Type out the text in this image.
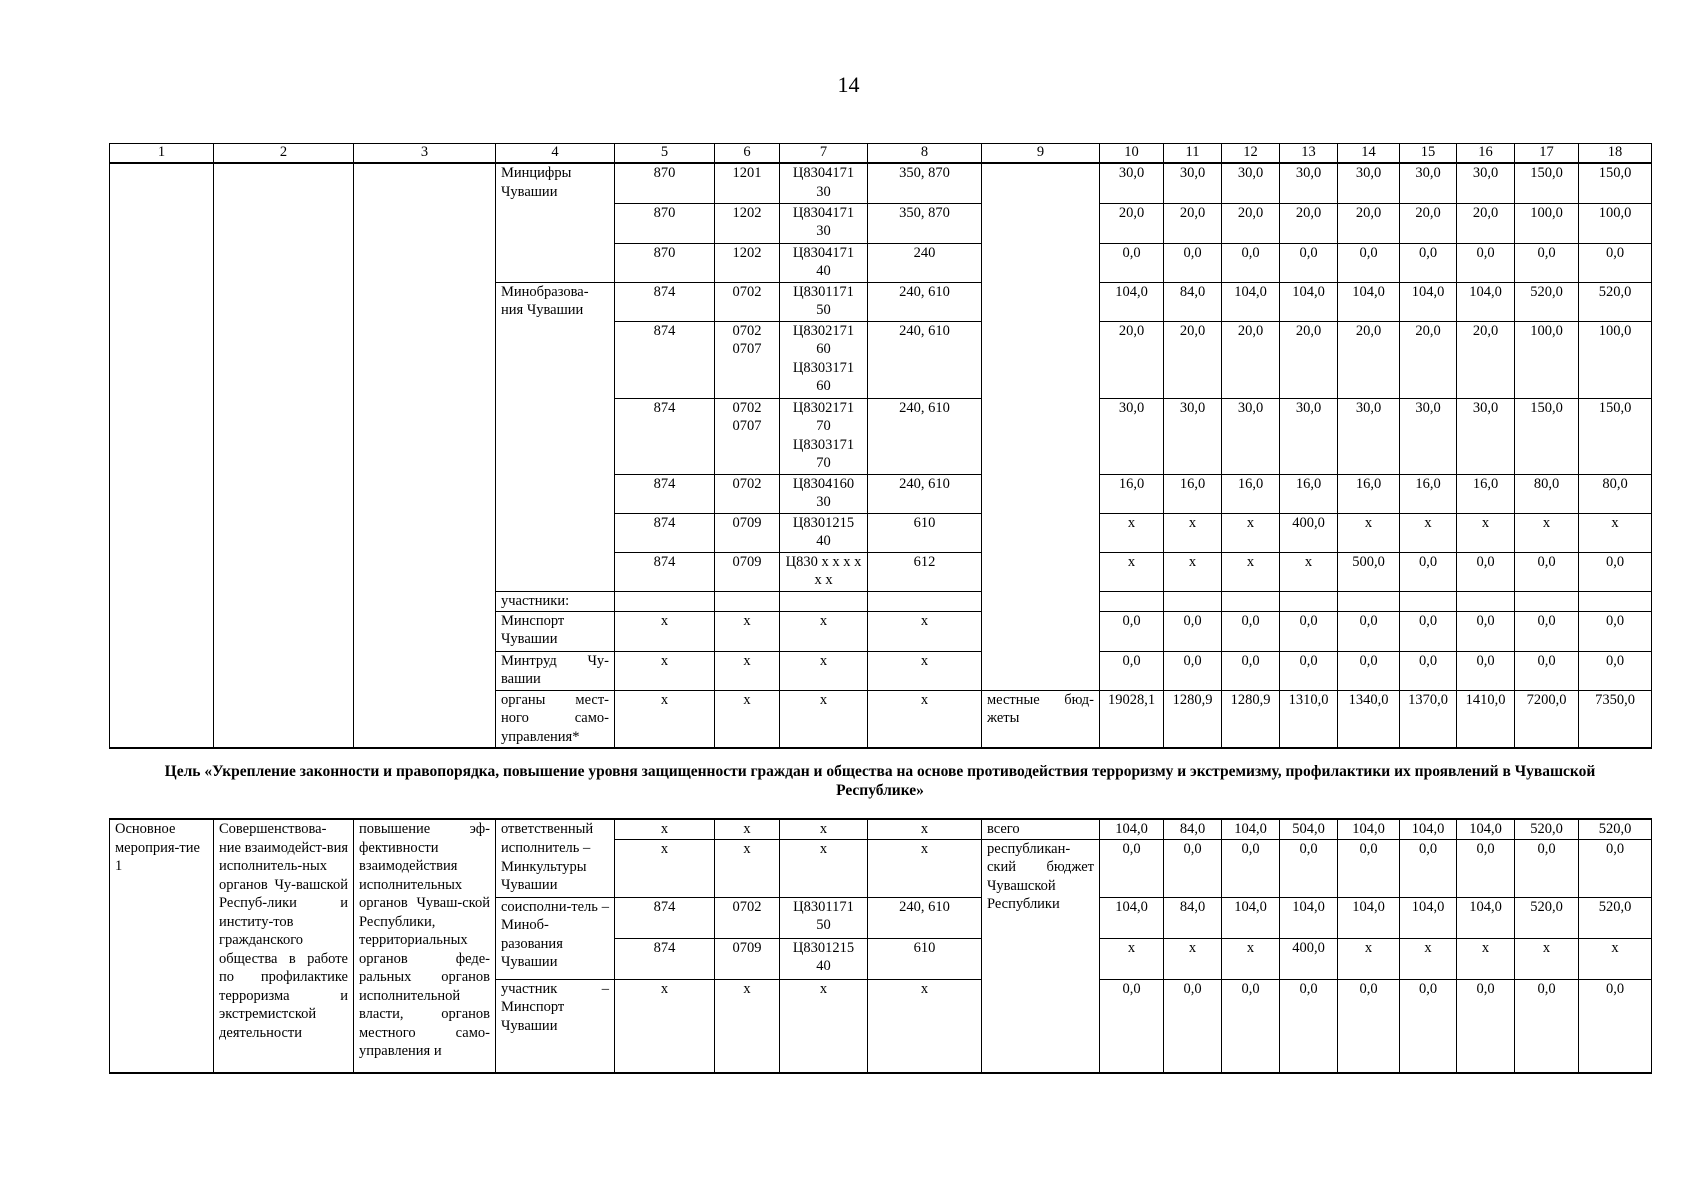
14
1	2	3	4	5	6	7	8	9	10	11	12	13	14	15	16	17	18
			Минцифры Чувашии	870	1201	Ц8304171 30	350, 870		30,0	30,0	30,0	30,0	30,0	30,0	30,0	150,0	150,0
				870	1202	Ц8304171 30	350, 870		20,0	20,0	20,0	20,0	20,0	20,0	20,0	100,0	100,0
				870	1202	Ц8304171 40	240		0,0	0,0	0,0	0,0	0,0	0,0	0,0	0,0	0,0
			Минобразова-ния Чувашии	874	0702	Ц8301171 50	240, 610		104,0	84,0	104,0	104,0	104,0	104,0	104,0	520,0	520,0
				874	0702 0707	Ц8302171 60 Ц8303171 60	240, 610		20,0	20,0	20,0	20,0	20,0	20,0	20,0	100,0	100,0
				874	0702 0707	Ц8302171 70 Ц8303171 70	240, 610		30,0	30,0	30,0	30,0	30,0	30,0	30,0	150,0	150,0
				874	0702	Ц8304160 30	240, 610		16,0	16,0	16,0	16,0	16,0	16,0	16,0	80,0	80,0
				874	0709	Ц8301215 40	610		х	х	х	400,0	х	х	х	х	х
				874	0709	Ц830 х х х х х х	612		х	х	х	х	500,0	0,0	0,0	0,0	0,0
			участники:														
			Минспорт Чувашии	х	х	х	х		0,0	0,0	0,0	0,0	0,0	0,0	0,0	0,0	0,0
			Минтруд Чу-вашии	х	х	х	х		0,0	0,0	0,0	0,0	0,0	0,0	0,0	0,0	0,0
			органы мест-ного само-управления*	х	х	х	х	местные бюд-жеты	19028,1	1280,9	1280,9	1310,0	1340,0	1370,0	1410,0	7200,0	7350,0
Цель «Укрепление законности и правопорядка, повышение уровня защищенности граждан и общества на основе противодействия терроризму и экстремизму, профилактики их проявлений в Чувашской Республике»
Основное мероприя-тие 1	Совершенствова-ние взаимодейст-вия исполнитель-ных органов Чу-вашской Респуб-лики и институ-тов гражданского общества в работе по профилактике терроризма и экстремистской деятельности	повышение эф-фективности взаимодействия исполнительных органов Чуваш-ской Республики, территориальных органов феде-ральных органов исполнительной власти, органов местного само-управления и	ответственный	х	х	х	х	всего	104,0	84,0	104,0	504,0	104,0	104,0	104,0	520,0	520,0
			исполнитель – Минкультуры Чувашии	х	х	х	х	республикан-ский бюджет Чувашской Республики	0,0	0,0	0,0	0,0	0,0	0,0	0,0	0,0	0,0
			соисполни-тель – Миноб-разования Чувашии	874	0702	Ц8301171 50	240, 610		104,0	84,0	104,0	104,0	104,0	104,0	104,0	520,0	520,0
				874	0709	Ц8301215 40	610		х	х	х	400,0	х	х	х	х	х
			участник – Минспорт Чувашии	х	х	х	х		0,0	0,0	0,0	0,0	0,0	0,0	0,0	0,0	0,0
